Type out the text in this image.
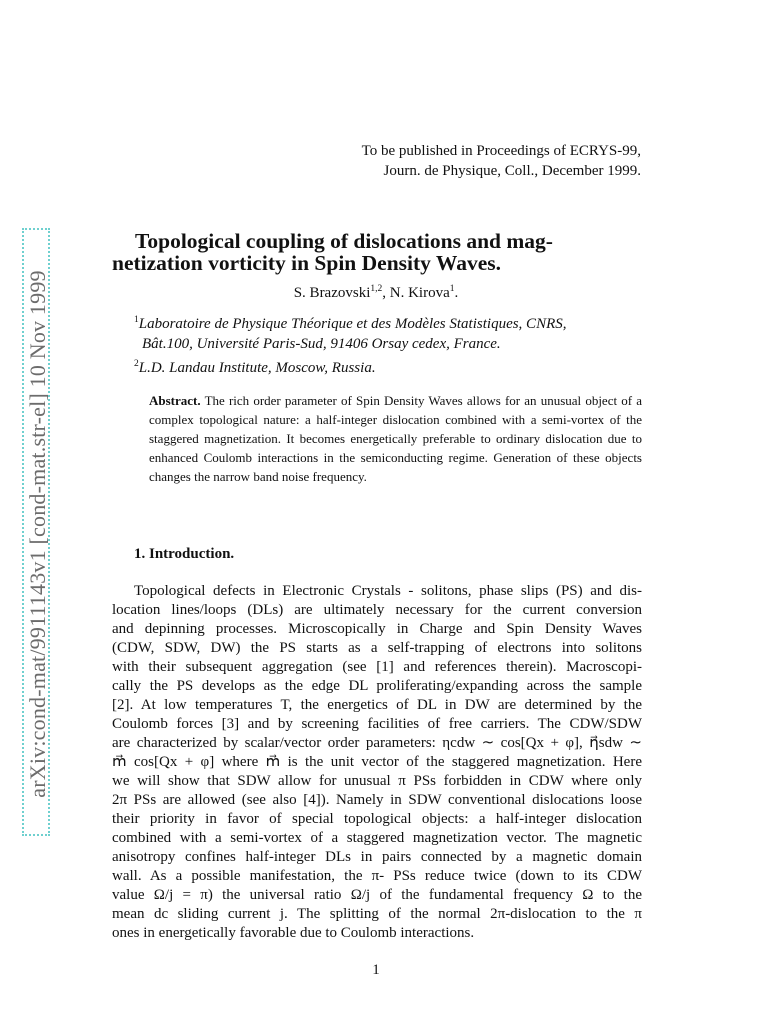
arXiv:cond-mat/9911143v1 [cond-mat.str-el] 10 Nov 1999
To be published in Proceedings of ECRYS-99,
Journ. de Physique, Coll., December 1999.
Topological coupling of dislocations and mag-
netization vorticity in Spin Density Waves.
S. Brazovski$^{1,2}$, N. Kirova$^1$.
$^1$Laboratoire de Physique Théorique et des Modèles Statistiques, CNRS,
Bât.100, Université Paris-Sud, 91406 Orsay cedex, France.
$^2$L.D. Landau Institute, Moscow, Russia.
Abstract. The rich order parameter of Spin Density Waves allows for an unusual object of a complex topological nature: a half-integer dislocation combined with a semi-vortex of the staggered magnetization. It becomes energetically preferable to ordinary dislocation due to enhanced Coulomb interactions in the semiconducting regime. Generation of these objects changes the narrow band noise frequency.
1. Introduction.
Topological defects in Electronic Crystals - solitons, phase slips (PS) and dis-
location lines/loops (DLs) are ultimately necessary for the current conversion
and depinning processes. Microscopically in Charge and Spin Density Waves
(CDW, SDW, DW) the PS starts as a self-trapping of electrons into solitons
with their subsequent aggregation (see [1] and references therein). Macroscopi-
cally the PS develops as the edge DL proliferating/expanding across the sample
[2]. At low temperatures T, the energetics of DL in DW are determined by the
Coulomb forces [3] and by screening facilities of free carriers. The CDW/SDW
are characterized by scalar/vector order parameters: ηcdw ∼ cos[Qx + φ], η⃗sdw ∼
m⃗ cos[Qx + φ] where m⃗ is the unit vector of the staggered magnetization. Here
we will show that SDW allow for unusual π PSs forbidden in CDW where only
2π PSs are allowed (see also [4]). Namely in SDW conventional dislocations loose
their priority in favor of special topological objects: a half-integer dislocation
combined with a semi-vortex of a staggered magnetization vector. The magnetic
anisotropy confines half-integer DLs in pairs connected by a magnetic domain
wall. As a possible manifestation, the π- PSs reduce twice (down to its CDW
value Ω/j = π) the universal ratio Ω/j of the fundamental frequency Ω to the
mean dc sliding current j. The splitting of the normal 2π-dislocation to the π
ones in energetically favorable due to Coulomb interactions.
1
